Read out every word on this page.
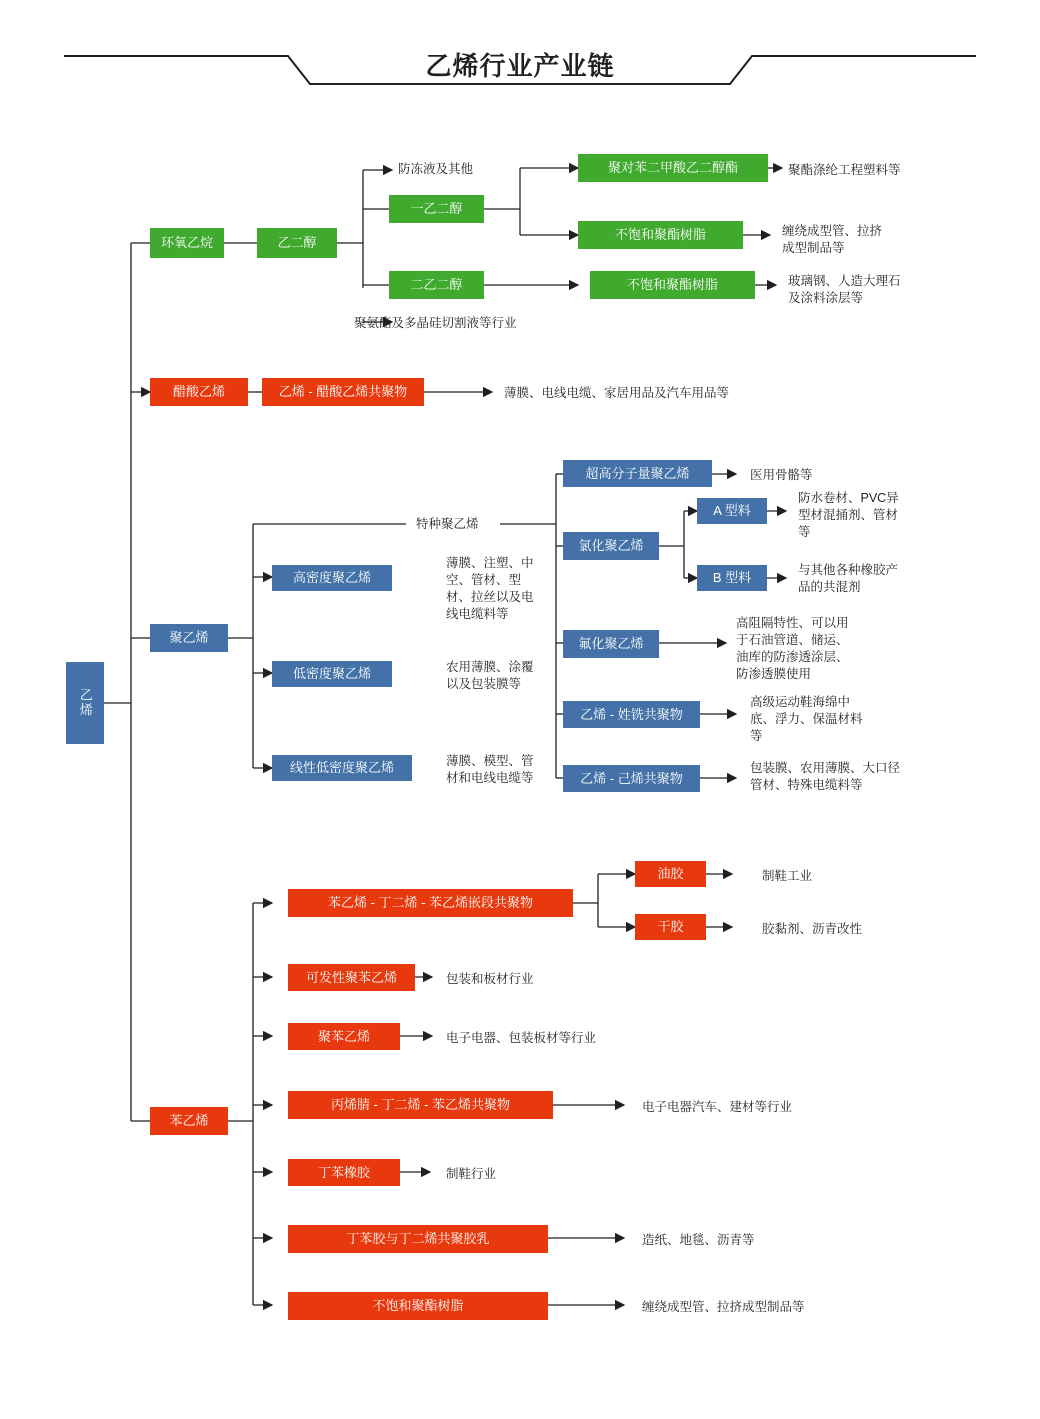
乙烯行业产业链
乙烯
环氧乙烷	乙二醇
防冻液及其他
一乙二醇
二乙二醇
聚氨酯及多晶硅切割液等行业
聚对苯二甲酸乙二醇酯	聚酯涤纶工程塑料等
不饱和聚酯树脂	缠绕成型管、拉挤成型制品等
不饱和聚酯树脂	玻璃钢、人造大理石及涂料涂层等
醋酸乙烯	乙烯 - 醋酸乙烯共聚物	薄膜、电线电缆、家居用品及汽车用品等
聚乙烯
特种聚乙烯
高密度聚乙烯
薄膜、注塑、中空、管材、型材、拉丝以及电线电缆料等
低密度聚乙烯	农用薄膜、涂覆以及包装膜等
线性低密度聚乙烯	薄膜、模型、管材和电线电缆等
超高分子量聚乙烯	医用骨骼等
氯化聚乙烯
A 型料
防水卷材、PVC异型材混捅剂、管材等
B 型料
与其他各种橡胶产品的共混剂
氟化聚乙烯
高阻隔特性、可以用于石油管道、储运、油库的防渗透涂层、防渗透膜使用
乙烯 - 姓铣共聚物
高级运动鞋海绵中底、浮力、保温材料等
乙烯 - 己烯共聚物
包装膜、农用薄膜、大口径管材、特殊电缆料等
苯乙烯
苯乙烯 - 丁二烯 - 苯乙烯嵌段共聚物
油胶	制鞋工业
干胶	胶黏剂、沥青改性
可发性聚苯乙烯	包装和板材行业
聚苯乙烯	电子电器、包装板材等行业
丙烯腈 - 丁二烯 - 苯乙烯共聚物	电子电器汽车、建材等行业
丁苯橡胶	制鞋行业
丁苯胶与丁二烯共聚胶乳	造纸、地毯、沥青等
不饱和聚酯树脂	缠绕成型管、拉挤成型制品等
